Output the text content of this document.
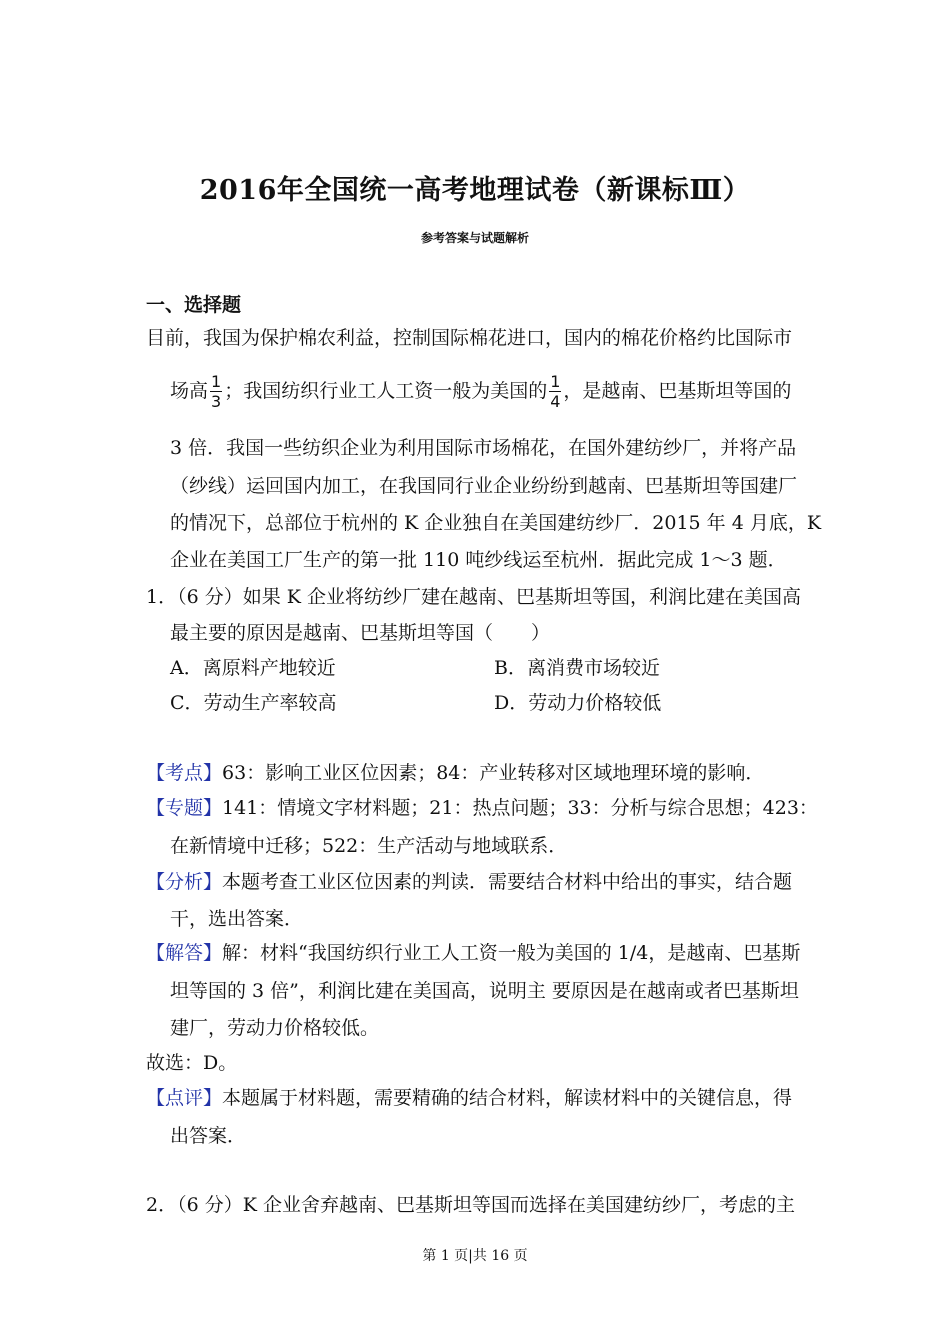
2016年全国统一高考地理试卷（新课标Ⅲ）
参考答案与试题解析
一、选择题
目前，我国为保护棉农利益，控制国际棉花进口，国内的棉花价格约比国际市
场高 $\frac{1}{3}$ ；我国纺织行业工人工资一般为美国的 $\frac{1}{4}$ ，是越南、巴基斯坦等国的
3 倍．我国一些纺织企业为利用国际市场棉花，在国外建纺纱厂，并将产品
（纱线）运回国内加工，在我国同行业企业纷纷到越南、巴基斯坦等国建厂
的情况下，总部位于杭州的 K 企业独自在美国建纺纱厂．2015 年 4 月底，K
企业在美国工厂生产的第一批 110 吨纱线运至杭州．据此完成 1～3 题．
1．（6 分）如果 K 企业将纺纱厂建在越南、巴基斯坦等国，利润比建在美国高
最主要的原因是越南、巴基斯坦等国（　　）
A．离原料产地较近	B．离消费市场较近
C．劳动生产率较高	D．劳动力价格较低
【考点】63：影响工业区位因素；84：产业转移对区域地理环境的影响．
【专题】141：情境文字材料题；21：热点问题；33：分析与综合思想；423：
在新情境中迁移；522：生产活动与地域联系．
【分析】本题考查工业区位因素的判读．需要结合材料中给出的事实，结合题
干，选出答案．
【解答】解：材料“我国纺织行业工人工资一般为美国的 1/4，是越南、巴基斯
坦等国的 3 倍”，利润比建在美国高，说明主 要原因是在越南或者巴基斯坦
建厂，劳动力价格较低。
故选：D。
【点评】本题属于材料题，需要精确的结合材料，解读材料中的关键信息，得
出答案．
2．（6 分）K 企业舍弃越南、巴基斯坦等国而选择在美国建纺纱厂，考虑的主
第 1 页|共 16 页
